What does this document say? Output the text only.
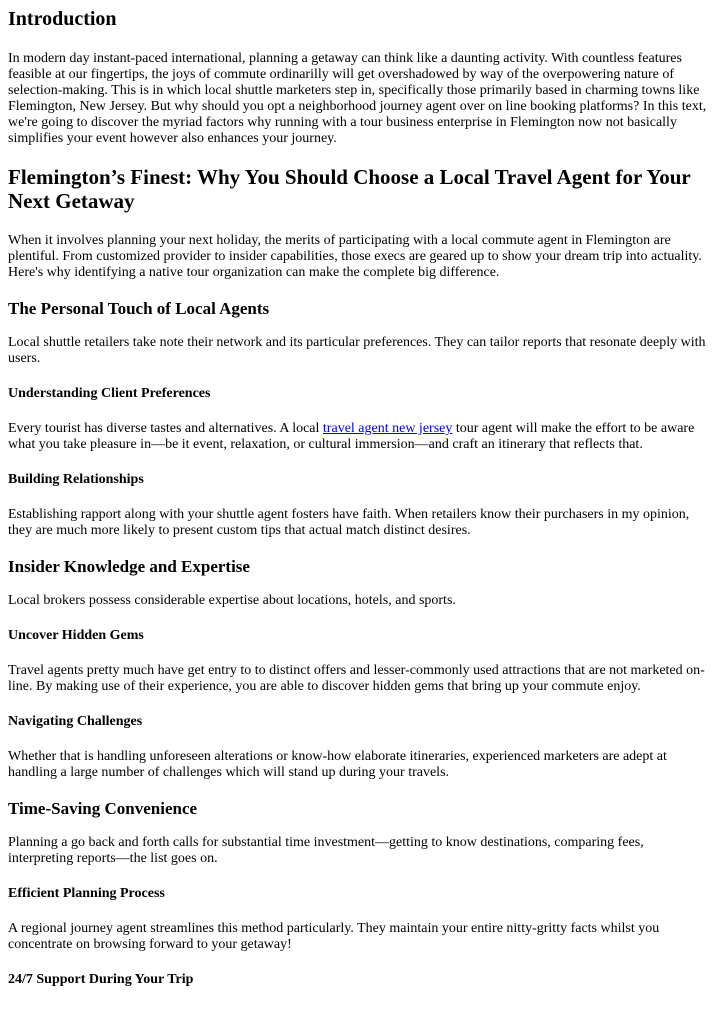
Introduction

In modern day instant-paced international, planning a getaway can think like a daunting activity. With countless features feasible at our fingertips, the joys of commute ordinarilly will get overshadowed by way of the overpowering nature of selection-making. This is in which local shuttle marketers step in, specifically those primarily based in charming towns like Flemington, New Jersey. But why should you opt a neighborhood journey agent over on line booking platforms? In this text, we're going to discover the myriad factors why running with a tour business enterprise in Flemington now not basically simplifies your event however also enhances your journey.

Flemington’s Finest: Why You Should Choose a Local Travel Agent for Your Next Getaway

When it involves planning your next holiday, the merits of participating with a local commute agent in Flemington are plentiful. From customized provider to insider capabilities, those execs are geared up to show your dream trip into actuality. Here's why identifying a native tour organization can make the complete big difference.

The Personal Touch of Local Agents

Local shuttle retailers take note their network and its particular preferences. They can tailor reports that resonate deeply with users.

Understanding Client Preferences

Every tourist has diverse tastes and alternatives. A local travel agent new jersey tour agent will make the effort to be aware what you take pleasure in—be it event, relaxation, or cultural immersion—and craft an itinerary that reflects that.

Building Relationships

Establishing rapport along with your shuttle agent fosters have faith. When retailers know their purchasers in my opinion, they are much more likely to present custom tips that actual match distinct desires.

Insider Knowledge and Expertise

Local brokers possess considerable expertise about locations, hotels, and sports.

Uncover Hidden Gems

Travel agents pretty much have get entry to to distinct offers and lesser-commonly used attractions that are not marketed on-line. By making use of their experience, you are able to discover hidden gems that bring up your commute enjoy.

Navigating Challenges

Whether that is handling unforeseen alterations or know-how elaborate itineraries, experienced marketers are adept at handling a large number of challenges which will stand up during your travels.

Time-Saving Convenience

Planning a go back and forth calls for substantial time investment—getting to know destinations, comparing fees, interpreting reports—the list goes on.

Efficient Planning Process

A regional journey agent streamlines this method particularly. They maintain your entire nitty-gritty facts whilst you concentrate on browsing forward to your getaway!

24/7 Support During Your Trip
